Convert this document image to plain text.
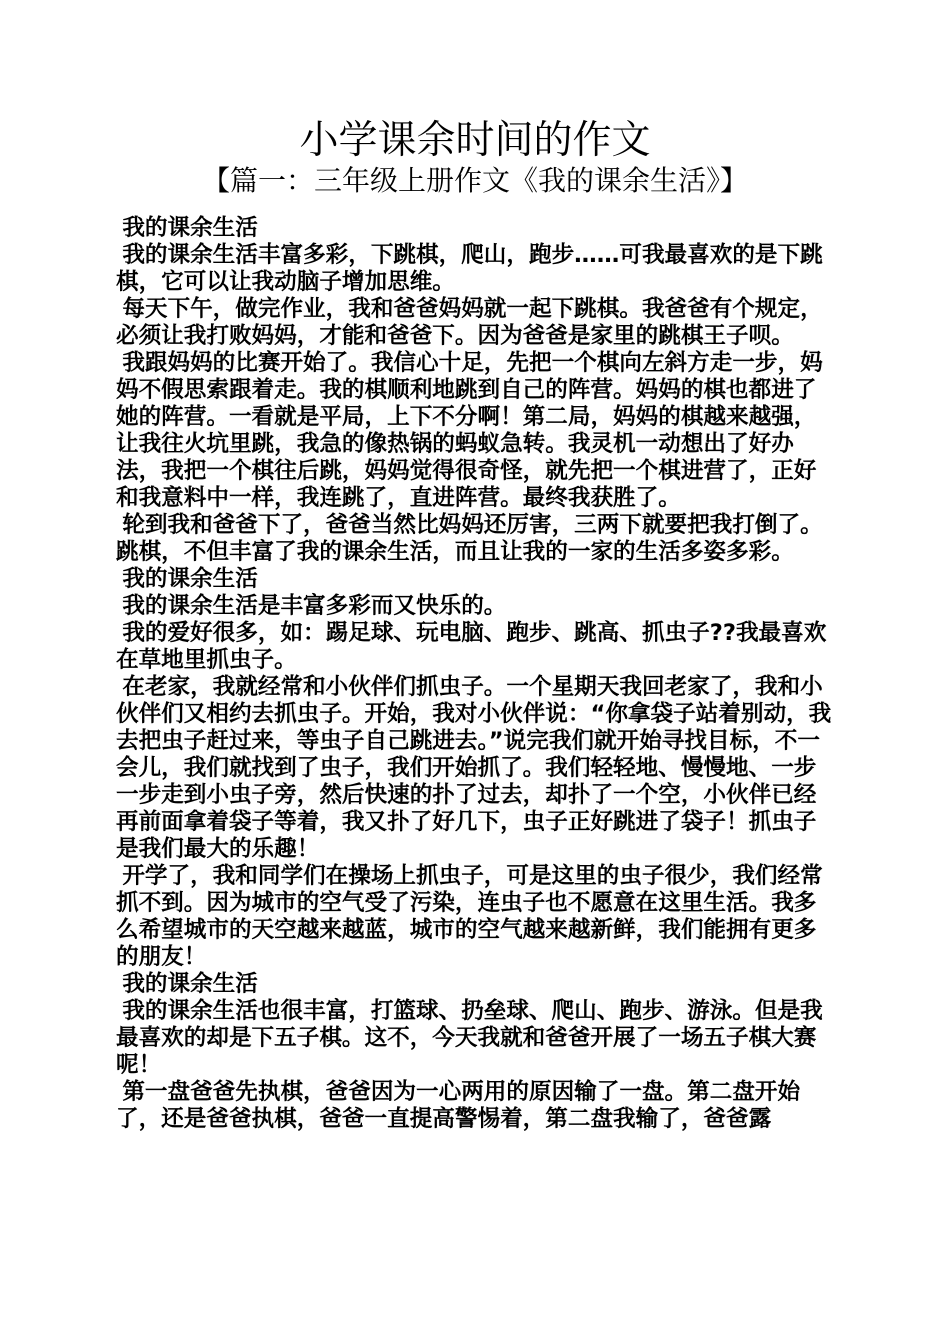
小学课余时间的作文
【篇一：三年级上册作文《我的课余生活》】

我的课余生活

我的课余生活丰富多彩，下跳棋，爬山，跑步……可我最喜欢的是下跳棋，它可以让我动脑子增加思维。

每天下午，做完作业，我和爸爸妈妈就一起下跳棋。我爸爸有个规定，必须让我打败妈妈，才能和爸爸下。因为爸爸是家里的跳棋王子呗。

我跟妈妈的比赛开始了。我信心十足，先把一个棋向左斜方走一步，妈妈不假思索跟着走。我的棋顺利地跳到自己的阵营。妈妈的棋也都进了她的阵营。一看就是平局，上下不分啊！第二局，妈妈的棋越来越强，让我往火坑里跳，我急的像热锅的蚂蚁急转。我灵机一动想出了好办法，我把一个棋往后跳，妈妈觉得很奇怪，就先把一个棋进营了，正好和我意料中一样，我连跳了，直进阵营。最终我获胜了。

轮到我和爸爸下了，爸爸当然比妈妈还厉害，三两下就要把我打倒了。 跳棋，不但丰富了我的课余生活，而且让我的一家的生活多姿多彩。

我的课余生活

我的课余生活是丰富多彩而又快乐的。

我的爱好很多，如：踢足球、玩电脑、跑步、跳高、抓虫子??我最喜欢在草地里抓虫子。

在老家，我就经常和小伙伴们抓虫子。一个星期天我回老家了，我和小伙伴们又相约去抓虫子。开始，我对小伙伴说：“你拿袋子站着别动，我去把虫子赶过来，等虫子自己跳进去。”说完我们就开始寻找目标，不一会儿，我们就找到了虫子，我们开始抓了。我们轻轻地、慢慢地、一步一步走到小虫子旁，然后快速的扑了过去，却扑了一个空，小伙伴已经再前面拿着袋子等着，我又扑了好几下，虫子正好跳进了袋子！抓虫子是我们最大的乐趣！

开学了，我和同学们在操场上抓虫子，可是这里的虫子很少，我们经常抓不到。因为城市的空气受了污染，连虫子也不愿意在这里生活。我多么希望城市的天空越来越蓝，城市的空气越来越新鲜，我们能拥有更多的朋友！

我的课余生活

我的课余生活也很丰富，打篮球、扔垒球、爬山、跑步、游泳。但是我最喜欢的却是下五子棋。这不，今天我就和爸爸开展了一场五子棋大赛呢！

第一盘爸爸先执棋，爸爸因为一心两用的原因输了一盘。第二盘开始了，还是爸爸执棋，爸爸一直提高警惕着，第二盘我输了，爸爸露
